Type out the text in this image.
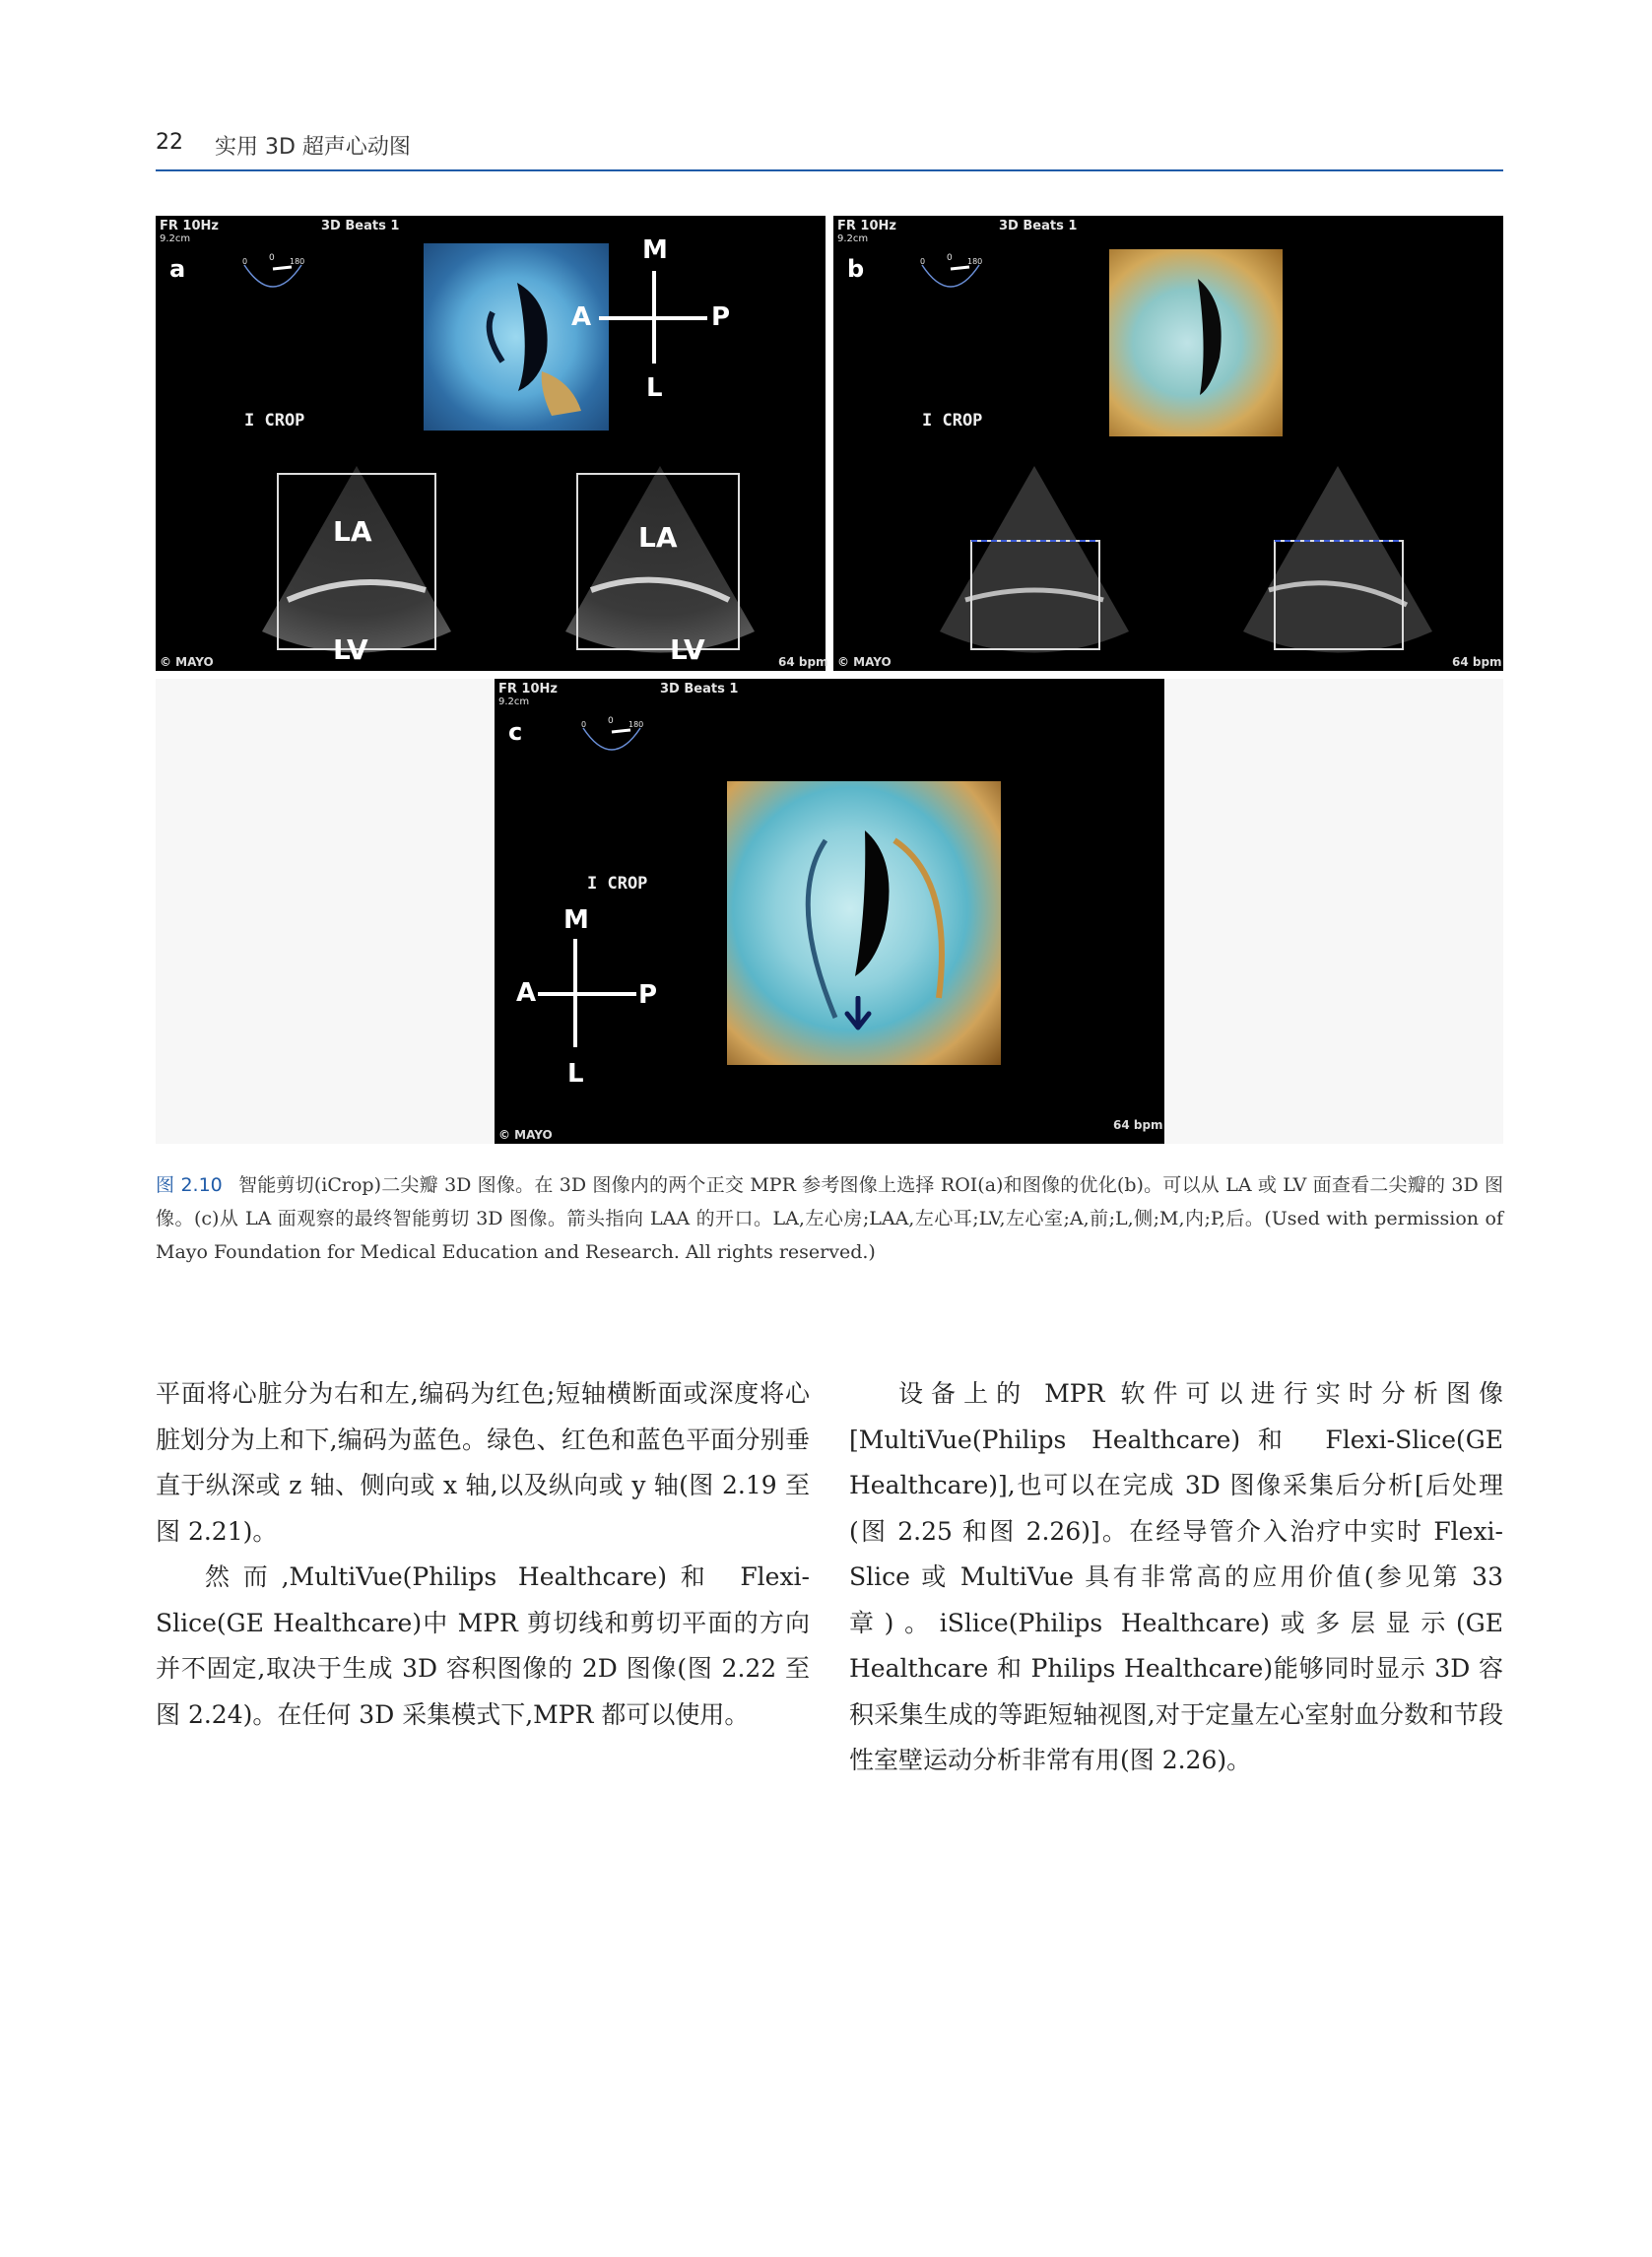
22 实用 3D 超声心动图
FR 10Hz
9.2cm
3D Beats 1
a	0 0 180
I CROP
M
A	P
L
LA
LV
LA
LV
© MAYO
FR 10Hz
9.2cm
3D Beats 1
b	0 0 180
I CROP
© MAYO	64 bpm
64 bpm
FR 10Hz
9.2cm
3D Beats 1
c	0 0 180
I CROP
M
A	P
L
© MAYO
64 bpm
图 2.10 智能剪切(iCrop)二尖瓣 3D 图像。在 3D 图像内的两个正交 MPR 参考图像上选择 ROI(a)和图像的优化(b)。可以从 LA 或 LV 面查看二尖瓣的 3D 图像。(c)从 LA 面观察的最终智能剪切 3D 图像。箭头指向 LAA 的开口。LA,左心房;LAA,左心耳;LV,左心室;A,前;L,侧;M,内;P,后。(Used with permission of Mayo Foundation for Medical Education and Research. All rights reserved.)

平面将心脏分为右和左,编码为红色;短轴横断面或深度将心脏划分为上和下,编码为蓝色。绿色、红色和蓝色平面分别垂直于纵深或 z 轴、侧向或 x 轴,以及纵向或 y 轴(图 2.19 至图 2.21)。

然而,MultiVue(Philips Healthcare)和 Flexi-Slice(GE Healthcare)中 MPR 剪切线和剪切平面的方向并不固定,取决于生成 3D 容积图像的 2D 图像(图 2.22 至图 2.24)。在任何 3D 采集模式下,MPR 都可以使用。

设备上的 MPR 软件可以进行实时分析图像[MultiVue(Philips Healthcare)和 Flexi-Slice(GE Healthcare)],也可以在完成 3D 图像采集后分析[后处理(图 2.25 和图 2.26)]。在经导管介入治疗中实时 Flexi-Slice 或 MultiVue 具有非常高的应用价值(参见第 33 章)。iSlice(Philips Healthcare)或多层显示(GE Healthcare 和 Philips Healthcare)能够同时显示 3D 容积采集生成的等距短轴视图,对于定量左心室射血分数和节段性室壁运动分析非常有用(图 2.26)。
